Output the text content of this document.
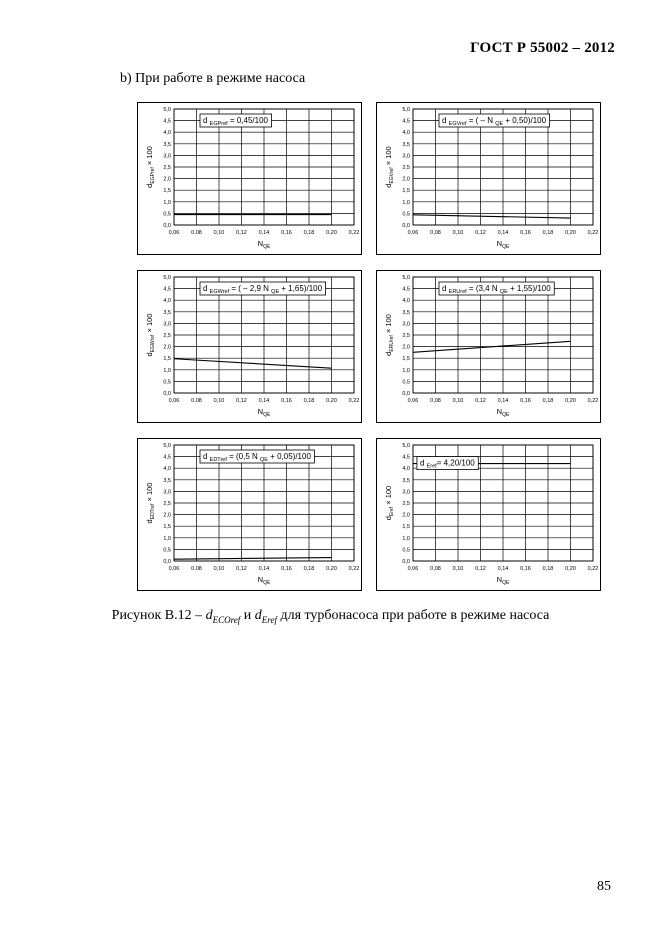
ГОСТ Р 55002 – 2012
b) При работе в режиме насоса
0,06 0,08 0,10 0,12 0,14 0,16 0,18 0,20 0,22
0,0
0,5
1,0
1,5
2,0
2,5
3,0
3,5
4,0
4,5
5,0
$N_{QE}$
$d_{EGPref} \times 100$
d $_{EGPref}$ = 0,45/100
0,06 0,08 0,10 0,12 0,14 0,16 0,18 0,20 0,22
0,0
0,5
1,0
1,5
2,0
2,5
3,0
3,5
4,0
4,5
5,0
$N_{QE}$
$d_{EGVref} \times 100$
d $_{EGVref}$ = ( – N $_{QE}$ + 0,50)/100
0,06 0,08 0,10 0,12 0,14 0,16 0,18 0,20 0,22
0,0
0,5
1,0
1,5
2,0
2,5
3,0
3,5
4,0
4,5
5,0
$N_{QE}$
$d_{EGWref} \times 100$
d $_{EGWref}$ = ( – 2,9 N $_{QE}$ + 1,65)/100
0,06 0,08 0,10 0,12 0,14 0,16 0,18 0,20 0,22
0,0
0,5
1,0
1,5
2,0
2,5
3,0
3,5
4,0
4,5
5,0
$N_{QE}$
$d_{ERUref} \times 100$
d $_{ERUref}$ = (3,4 N $_{QE}$ + 1,55)/100
0,06 0,08 0,10 0,12 0,14 0,16 0,18 0,20 0,22
0,0
0,5
1,0
1,5
2,0
2,5
3,0
3,5
4,0
4,5
5,0
$N_{QE}$
$d_{EDTref} \times 100$
d $_{EDTref}$ = (0,5 N $_{QE}$ + 0,05)/100
0,06 0,08 0,10 0,12 0,14 0,16 0,18 0,20 0,22
0,0
0,5
1,0
1,5
2,0
2,5
3,0
3,5
4,0
4,5
5,0
$N_{QE}$
$d_{Eref} \times 100$
d $_{Eref}$= 4,20/100
Рисунок $В.12 - d_{ECOref}$ и $d_{Eref}$ для турбонасоса при работе в режиме насоса
85
